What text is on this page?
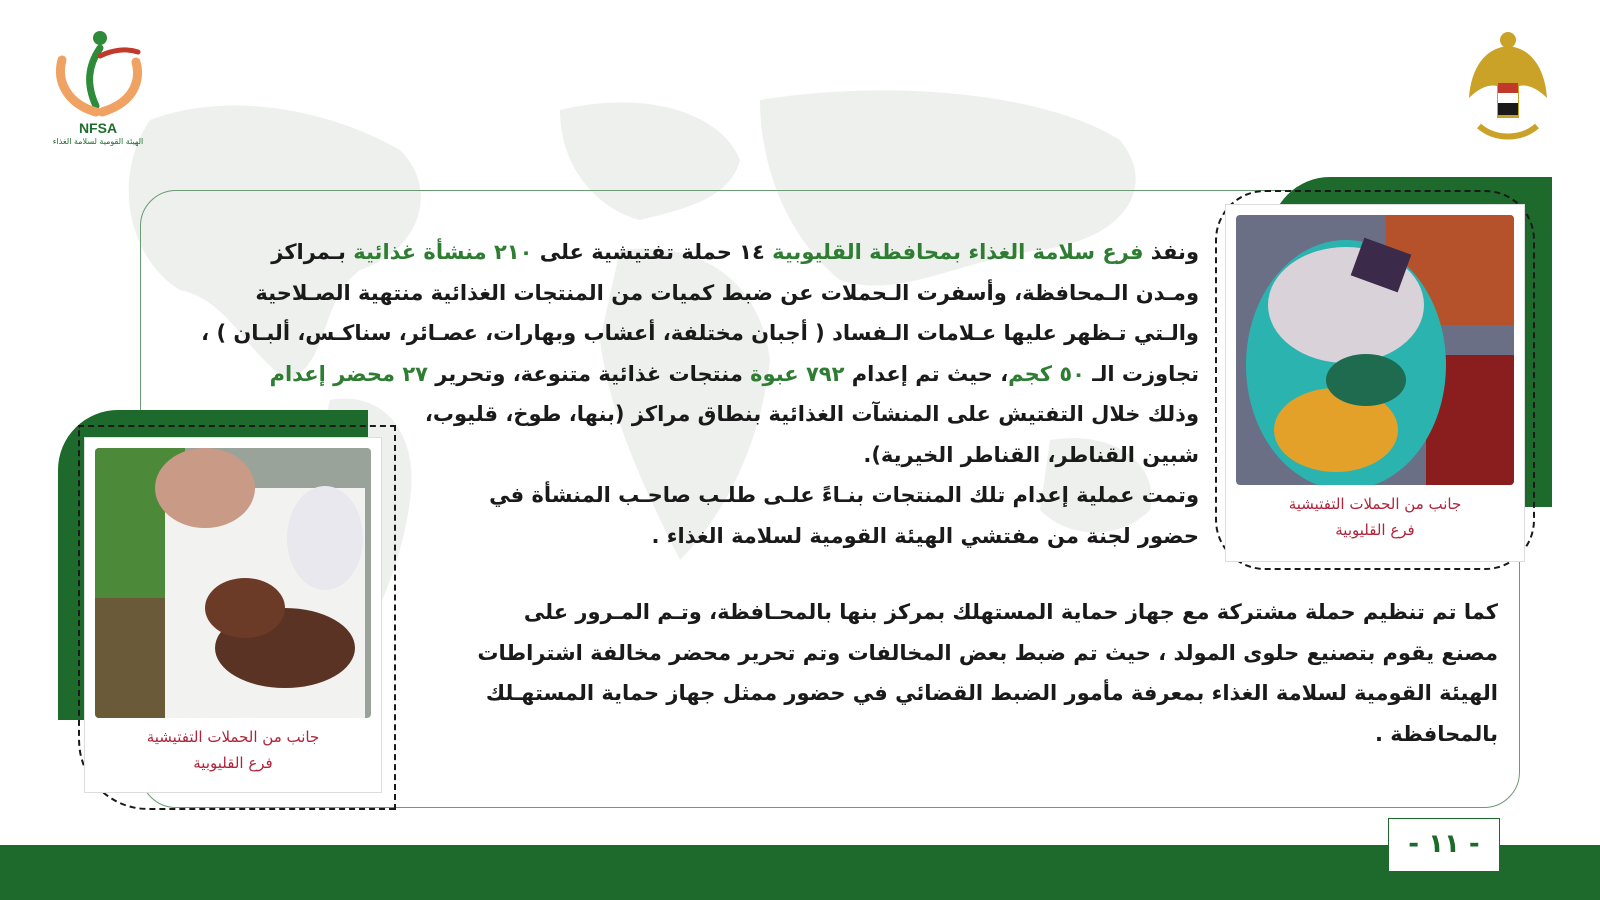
NFSA
الهيئة القومية لسلامة الغذاء
جانب من الحملات التفتيشية
فرع القليوبية
جانب من الحملات التفتيشية
فرع القليوبية
ونفذ فرع سلامة الغذاء بمحافظة القليوبية ١٤ حملة تفتيشية على ٢١٠ منشأة غذائية بـمراكز
ومـدن الـمحافظة، وأسفرت الـحملات عن ضبط كميات من المنتجات الغذائية منتهية الصـلاحية
والـتي تـظهر عليها عـلامات الـفساد ( أجبان مختلفة، أعشاب وبهارات، عصـائر، سناكـس، ألبـان ) ،
تجاوزت الـ ٥٠ كجم، حيث تم إعدام ٧٩٢ عبوة منتجات غذائية متنوعة، وتحرير ٢٧ محضر إعدام
وذلك خلال التفتيش على المنشآت الغذائية بنطاق مراكز (بنها، طوخ، قليوب،
شبين القناطر، القناطر الخيرية).
وتمت عملية إعدام تلك المنتجات بنـاءً علـى طلـب صاحـب المنشأة في
حضور لجنة من مفتشي الهيئة القومية لسلامة الغذاء .
كما تم تنظيم حملة مشتركة مع جهاز حماية المستهلك بمركز بنها بالمحـافظة، وتـم المـرور على
مصنع يقوم بتصنيع حلوى المولد ، حيث تم ضبط بعض المخالفات وتم تحرير محضر مخالفة اشتراطات
الهيئة القومية لسلامة الغذاء بمعرفة مأمور الضبط القضائي في حضور ممثل جهاز حماية المستهـلك
بالمحافظة .
- ١١ -
